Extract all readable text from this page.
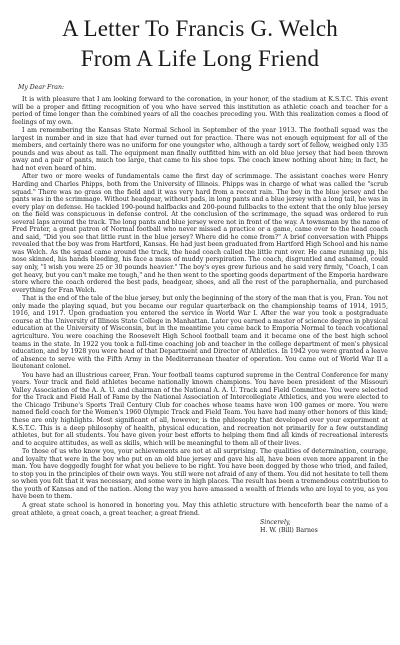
A Letter To Francis G. Welch
From A Life Long Friend
My Dear Fran:

It is with pleasure that I am looking forward to the coronation, in your honor, of the stadium at K.S.T.C. This event will be a proper and fitting recognition of you who have served this institution as athletic coach and teacher for a period of time longer than the combined years of all the coaches preceding you. With this realization comes a flood of feelings of my own.

I am remembering the Kansas State Normal School in September of the year 1913. The football squad was the largest in number and in size that had ever turned out for practice. There was not enough equipment for all of the members, and certainly there was no uniform for one youngster who, although a tardy sort of fellow, weighed only 135 pounds and was about as tall. The equipment man finally outfitted him with an old blue jersey that had been thrown away and a pair of pants, much too large, that came to his shoe tops. The coach knew nothing about him; in fact, he had not even heard of him.

After two or more weeks of fundamentals came the first day of scrimmage. The assistant coaches were Henry Harding and Charles Phipps, both from the University of Illinois. Phipps was in charge of what was called the "scrub squad." There was no grass on the field and it was very hard from a recent rain. The boy in the blue jersey and the pants was in the scrimmage. Without headgear, without pads, in long pants and a blue jersey with a long tail, he was in every play on defense. He tackled 190-pound halfbacks and 200-pound fullbacks to the extent that the only blue jersey on the field was conspicuous in defense control. At the conclusion of the scrimmage, the squad was ordered to run several laps around the track. The long pants and blue jersey were not in front of the way. A townsman by the name of Fred Prater, a great patron of Normal football who never missed a practice or a game, came over to the head coach and said, "Did you see that little runt in the blue jersey? Where did he come from?" A brief conversation with Phipps revealed that the boy was from Hartford, Kansas. He had just been graduated from Hartford High School and his name was Welch. As the squad came around the track, the head coach called the little runt over. He came running up, his nose skinned, his hands bleeding, his face a mass of muddy perspiration. The coach, disgruntled and ashamed, could say only, "I wish you were 25 or 30 pounds heavier." The boy's eyes grew furious and he said very firmly, "Coach, I can get heavy, but you can't make me tough," and he then went to the sporting goods department of the Emporia hardware store where the coach ordered the best pads, headgear, shoes, and all the rest of the paraphernalia, and purchased everything for Fran Welch.

That is the end of the tale of the blue jersey, but only the beginning of the story of the man that is you, Fran. You not only made the playing squad, but you became our regular quarterback on the championship teams of 1914, 1915, 1916, and 1917. Upon graduation you entered the service in World War I. After the war you took a postgraduate course at the University of Illinois State College in Manhattan. Later you earned a master of science degree in physical education at the University of Wisconsin, but in the meantime you came back to Emporia Normal to teach vocational agriculture. You were coaching the Roosevelt High School football team and it became one of the best high school teams in the state. In 1922 you took a full-time coaching job and teacher in the college department of men's physical education, and by 1928 you were head of that Department and Director of Athletics. In 1942 you were granted a leave of absence to serve with the Fifth Army in the Mediterranean theater of operation. You came out of World War II a lieutenant colonel.

You have had an illustrious career, Fran. Your football teams captured supreme in the Central Conference for many years. Your track and field athletes became nationally known champions. You have been president of the Missouri Valley Association of the A. A. U. and chairman of the National A. A. U. Track and Field Committee. You were selected for the Track and Field Hall of Fame by the National Association of Intercollegiate Athletics, and you were elected to the Chicago Tribune's Sports Trail Century Club for coaches whose teams have won 100 games or more. You were named field coach for the Women's 1960 Olympic Track and Field Team. You have had many other honors of this kind; these are only highlights. Most significant of all, however, is the philosophy that developed over your experiment at K.S.T.C. This is a deep philosophy of health, physical education, and recreation not primarily for a few outstanding athletes, but for all students. You have given your best efforts to helping them find all kinds of recreational interests and to acquire attitudes, as well as skills, which will be meaningful to them all of their lives.

To those of us who know you, your achievements are not at all surprising. The qualities of determination, courage, and loyalty that were in the boy who put on an old blue jersey and gave his all, have been even more apparent in the man. You have doggedly fought for what you believe to be right. You have been dogged by those who tried, and failed, to stop you in the principles of their own ways. You still were not afraid of any of them. You did not hesitate to tell them so when you felt that it was necessary, and some were in high places. The result has been a tremendous contribution to the youth of Kansas and of the nation. Along the way you have amassed a wealth of friends who are loyal to you, as you have been to them.

A great state school is honored in honoring you. May this athletic structure with henceforth bear the name of a great athlete, a great coach, a great teacher, a great friend.

Sincerely,
H. W. (Bill) Barnes
